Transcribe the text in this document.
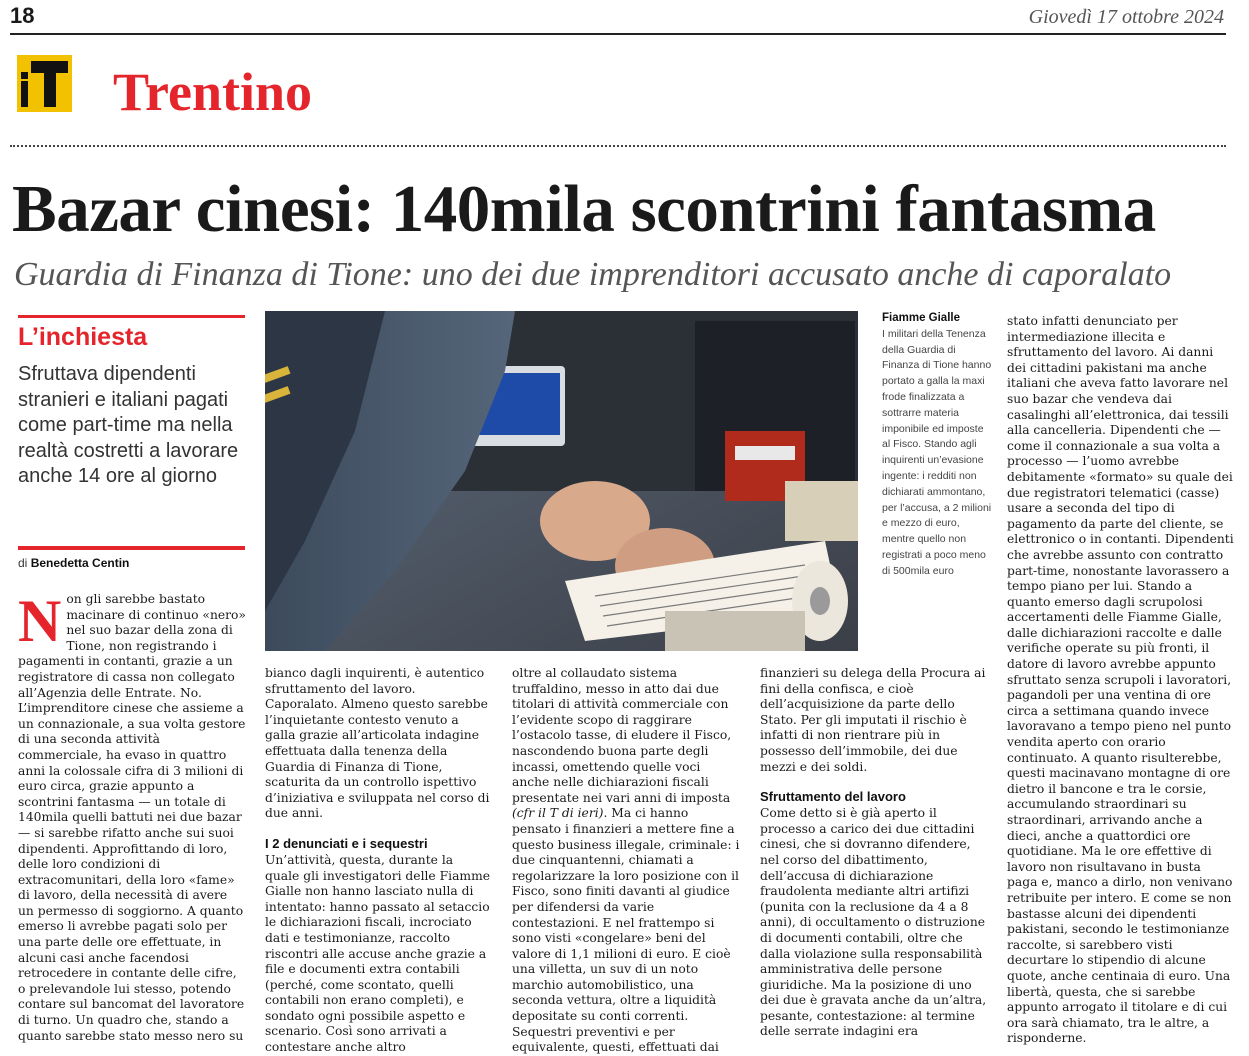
18	Giovedì 17 ottobre 2024
Trentino
Bazar cinesi: 140mila scontrini fantasma
Guardia di Finanza di Tione: uno dei due imprenditori accusato anche di caporalato
L’inchiesta
Sfruttava dipendenti stranieri e italiani pagati come part-time ma nella realtà costretti a lavorare anche 14 ore al giorno
di Benedetta Centin
Fiamme Gialle
I militari della Tenenza della Guardia di Finanza di Tione hanno portato a galla la maxi frode finalizzata a sottrarre materia imponibile ed imposte al Fisco. Stando agli inquirenti un’evasione ingente: i redditi non dichiarati ammontano, per l’accusa, a 2 milioni e mezzo di euro, mentre quello non registrati a poco meno di 500mila euro
N on gli sarebbe bastato macinare di continuo «nero» nel suo bazar della zona di Tione, non registrando i pagamenti in contanti, grazie a un registratore di cassa non collegato all’Agenzia delle Entrate. No. L’imprenditore cinese che assieme a un connazionale, a sua volta gestore di una seconda attività commerciale, ha evaso in quattro anni la colossale cifra di 3 milioni di euro circa, grazie appunto a scontrini fantasma — un totale di 140mila quelli battuti nei due bazar — si sarebbe rifatto anche sui suoi dipendenti. Approfittando di loro, delle loro condizioni di extracomunitari, della loro «fame» di lavoro, della necessità di avere un permesso di soggiorno. A quanto emerso li avrebbe pagati solo per una parte delle ore effettuate, in alcuni casi anche facendosi retrocedere in contante delle cifre, o prelevandole lui stesso, potendo contare sul bancomat del lavoratore di turno. Un quadro che, stando a quanto sarebbe stato messo nero su

bianco dagli inquirenti, è autentico sfruttamento del lavoro. Caporalato. Almeno questo sarebbe l’inquietante contesto venuto a galla grazie all’articolata indagine effettuata dalla tenenza della Guardia di Finanza di Tione, scaturita da un controllo ispettivo d’iniziativa e sviluppata nel corso di due anni.

I 2 denunciati e i sequestri

Un’attività, questa, durante la quale gli investigatori delle Fiamme Gialle non hanno lasciato nulla di intentato: hanno passato al setaccio le dichiarazioni fiscali, incrociato dati e testimonianze, raccolto riscontri alle accuse anche grazie a file e documenti extra contabili (perché, come scontato, quelli contabili non erano completi), e sondato ogni possibile aspetto e scenario. Così sono arrivati a contestare anche altro

oltre al collaudato sistema truffaldino, messo in atto dai due titolari di attività commerciale con l’evidente scopo di raggirare l’ostacolo tasse, di eludere il Fisco, nascondendo buona parte degli incassi, omettendo quelle voci anche nelle dichiarazioni fiscali presentate nei vari anni di imposta (cfr il T di ieri). Ma ci hanno pensato i finanzieri a mettere fine a questo business illegale, criminale: i due cinquantenni, chiamati a regolarizzare la loro posizione con il Fisco, sono finiti davanti al giudice per difendersi da varie contestazioni. E nel frattempo si sono visti «congelare» beni del valore di 1,1 milioni di euro. E cioè una villetta, un suv di un noto marchio automobilistico, una seconda vettura, oltre a liquidità depositate su conti correnti. Sequestri preventivi e per equivalente, questi, effettuati dai

finanzieri su delega della Procura ai fini della confisca, e cioè dell’acquisizione da parte dello Stato. Per gli imputati il rischio è infatti di non rientrare più in possesso dell’immobile, dei due mezzi e dei soldi.

Sfruttamento del lavoro

Come detto si è già aperto il processo a carico dei due cittadini cinesi, che si dovranno difendere, nel corso del dibattimento, dell’accusa di dichiarazione fraudolenta mediante altri artifizi (punita con la reclusione da 4 a 8 anni), di occultamento o distruzione di documenti contabili, oltre che dalla violazione sulla responsabilità amministrativa delle persone giuridiche. Ma la posizione di uno dei due è gravata anche da un’altra, pesante, contestazione: al termine delle serrate indagini era

stato infatti denunciato per intermediazione illecita e sfruttamento del lavoro. Ai danni dei cittadini pakistani ma anche italiani che aveva fatto lavorare nel suo bazar che vendeva dai casalinghi all’elettronica, dai tessili alla cancelleria. Dipendenti che — come il connazionale a sua volta a processo — l’uomo avrebbe debitamente «formato» su quale dei due registratori telematici (casse) usare a seconda del tipo di pagamento da parte del cliente, se elettronico o in contanti. Dipendenti che avrebbe assunto con contratto part-time, nonostante lavorassero a tempo piano per lui. Stando a quanto emerso dagli scrupolosi accertamenti delle Fiamme Gialle, dalle dichiarazioni raccolte e dalle verifiche operate su più fronti, il datore di lavoro avrebbe appunto sfruttato senza scrupoli i lavoratori, pagandoli per una ventina di ore circa a settimana quando invece lavoravano a tempo pieno nel punto vendita aperto con orario continuato. A quanto risulterebbe, questi macinavano montagne di ore dietro il bancone e tra le corsie, accumulando straordinari su straordinari, arrivando anche a dieci, anche a quattordici ore quotidiane. Ma le ore effettive di lavoro non risultavano in busta paga e, manco a dirlo, non venivano retribuite per intero. E come se non bastasse alcuni dei dipendenti pakistani, secondo le testimonianze raccolte, si sarebbero visti decurtare lo stipendio di alcune quote, anche centinaia di euro. Una libertà, questa, che si sarebbe appunto arrogato il titolare e di cui ora sarà chiamato, tra le altre, a risponderne.
